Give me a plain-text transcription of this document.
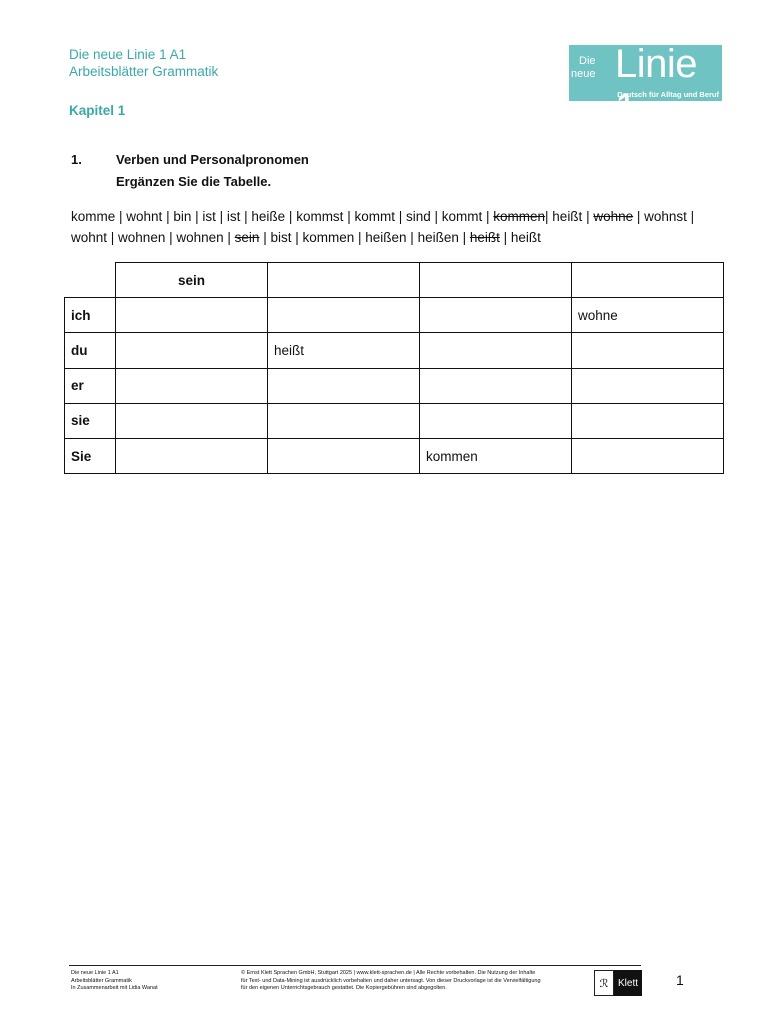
Die neue Linie 1 A1
Arbeitsblätter Grammatik
Kapitel 1
Die
neue Linie 1
Deutsch für Alltag und Beruf
1.	Verben und Personalpronomen
Ergänzen Sie die Tabelle.
komme | wohnt | bin | ist | ist | heiße | kommst | kommt | sind | kommt | kommen| heißt | wohne | wohnst | wohnt | wohnen | wohnen | sein | bist | kommen | heißen | heißen | heißt | heißt
	sein			
ich				wohne
du		heißt		
er				
sie				
Sie			kommen	
Die neue Linie 1 A1
Arbeitsblätter Grammatik
In Zusammenarbeit mit Lidia Wanat
© Ernst Klett Sprachen GmbH, Stuttgart 2025 | www.klett-sprachen.de | Alle Rechte vorbehalten. Die Nutzung der Inhalte
für Text- und Data-Mining ist ausdrücklich vorbehalten und daher untersagt. Von dieser Druckvorlage ist die Vervielfältigung
für den eigenen Unterrichtsgebrauch gestattet. Die Kopiergebühren sind abgegolten.	ℛ Klett	1
